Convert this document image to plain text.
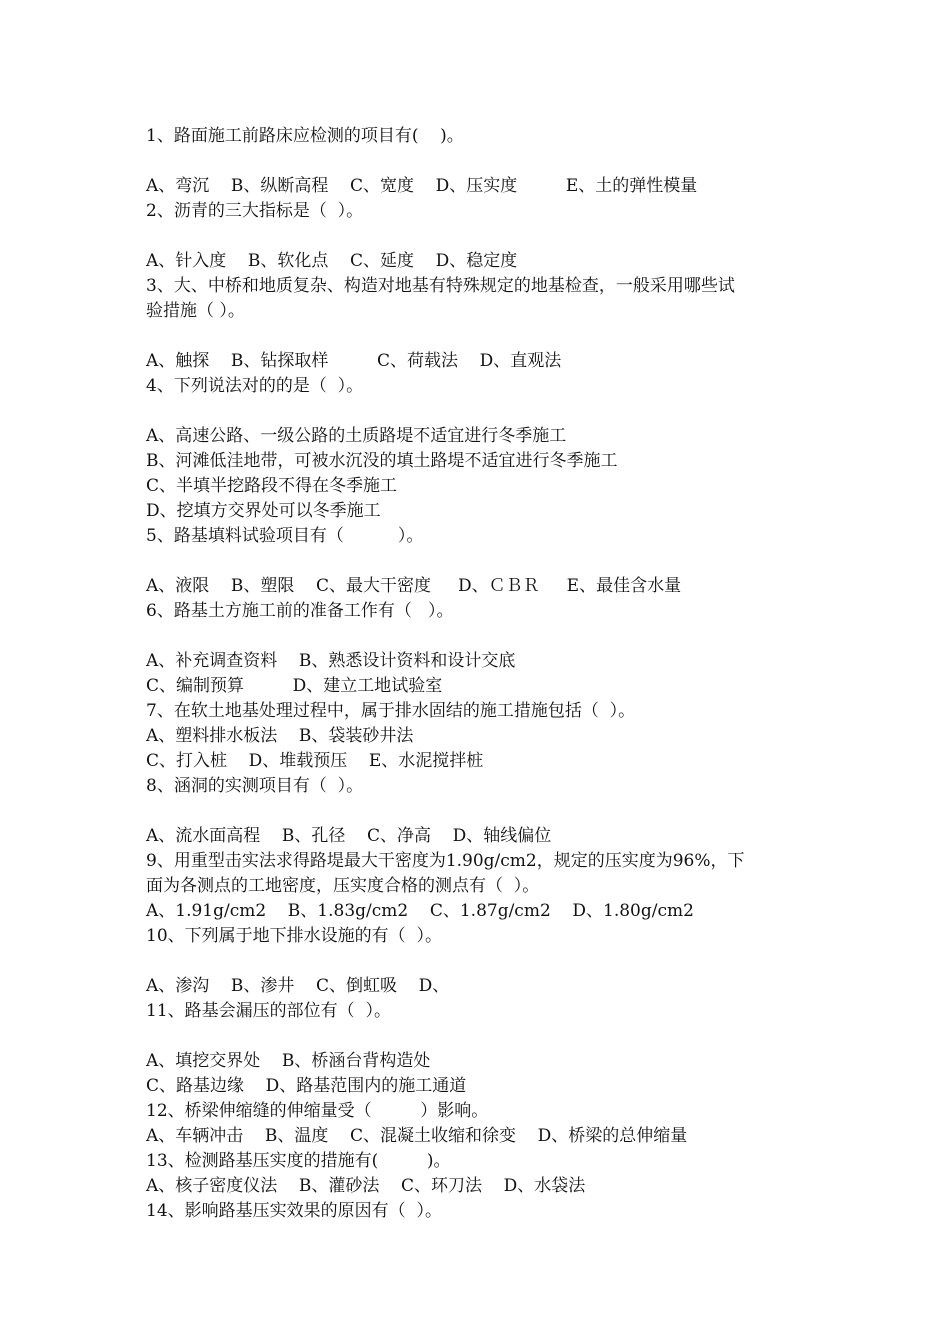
1、路面施工前路床应检测的项目有(    )。
A、弯沉    B、纵断高程    C、宽度    D、压实度         E、土的弹性模量
2、沥青的三大指标是（  ）。
A、针入度    B、软化点    C、延度    D、稳定度
3、大、中桥和地质复杂、构造对地基有特殊规定的地基检查，一般采用哪些试
验措施（ ）。
A、触探    B、钻探取样         C、荷载法    D、直观法
4、下列说法对的的是（  ）。
A、高速公路、一级公路的土质路堤不适宜进行冬季施工
B、河滩低洼地带，可被水沉没的填土路堤不适宜进行冬季施工
C、半填半挖路段不得在冬季施工
D、挖填方交界处可以冬季施工
5、路基填料试验项目有（          ）。
A、液限    B、塑限    C、最大干密度     D、ＣＢＲ     E、最佳含水量
6、路基土方施工前的准备工作有（   ）。
A、补充调查资料    B、熟悉设计资料和设计交底
C、编制预算         D、建立工地试验室
7、在软土地基处理过程中，属于排水固结的施工措施包括（  ）。
A、塑料排水板法    B、袋装砂井法
C、打入桩    D、堆载预压    E、水泥搅拌桩
8、涵洞的实测项目有（  ）。
A、流水面高程    B、孔径    C、净高    D、轴线偏位
9、用重型击实法求得路堤最大干密度为1.90g/cm2，规定的压实度为96%，下
面为各测点的工地密度，压实度合格的测点有（  ）。
A、1.91g/cm2    B、1.83g/cm2    C、1.87g/cm2    D、1.80g/cm2
10、下列属于地下排水设施的有（  ）。
A、渗沟    B、渗井    C、倒虹吸    D、
11、路基会漏压的部位有（  ）。
A、填挖交界处    B、桥涵台背构造处
C、路基边缘    D、路基范围内的施工通道
12、桥梁伸缩缝的伸缩量受（         ）影响。
A、车辆冲击    B、温度    C、混凝土收缩和徐变    D、桥梁的总伸缩量
13、检测路基压实度的措施有(         )。
A、核子密度仪法    B、灌砂法    C、环刀法    D、水袋法
14、影响路基压实效果的原因有（  ）。
